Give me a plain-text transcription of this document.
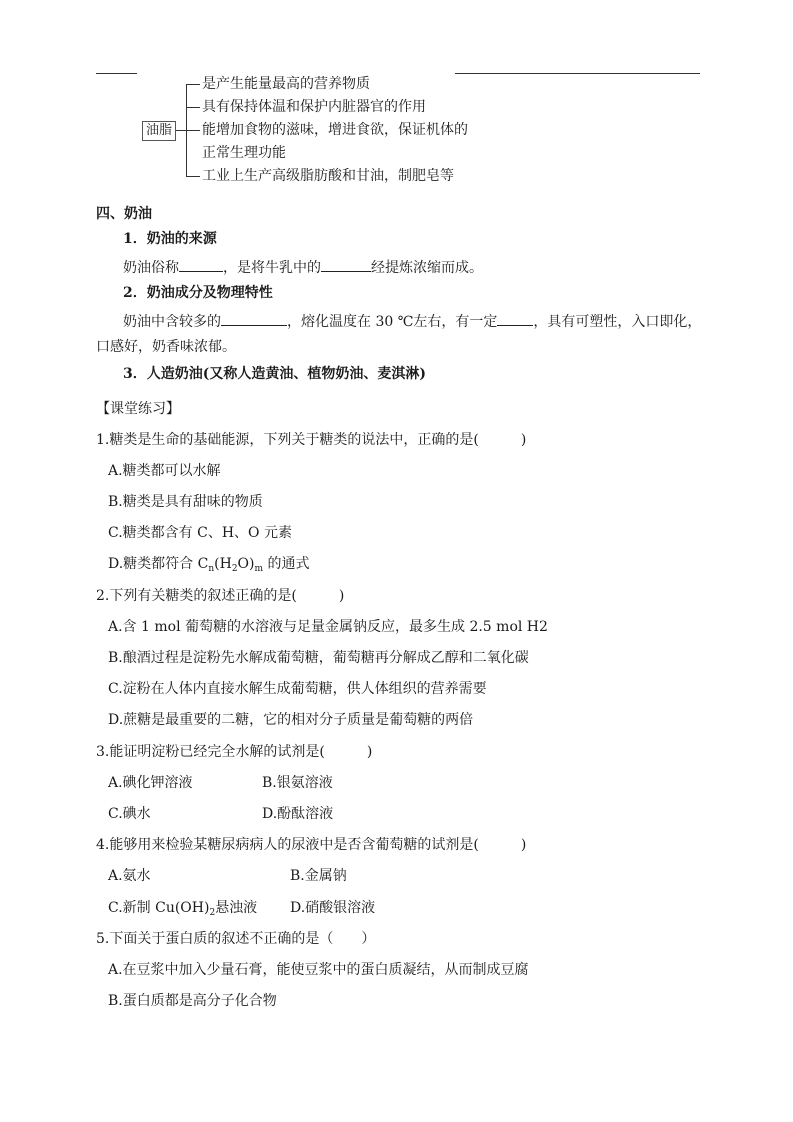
油脂
是产生能量最高的营养物质
具有保持体温和保护内脏器官的作用
能增加食物的滋味，增进食欲，保证机体的
正常生理功能
工业上生产高级脂肪酸和甘油，制肥皂等
四、奶油
1．奶油的来源
奶油俗称	，是将牛乳中的	经提炼浓缩而成。
2．奶油成分及物理特性
奶油中含较多的	，熔化温度在 30 ℃左右，有一定	，具有可塑性，入口即化，
口感好，奶香味浓郁。
3．人造奶油(又称人造黄油、植物奶油、麦淇淋)
【课堂练习】
1.糖类是生命的基础能源，下列关于糖类的说法中，正确的是(　　　)
A.糖类都可以水解
B.糖类是具有甜味的物质
C.糖类都含有 C、H、O 元素
D.糖类都符合 $C_n(H_2O)_m$ 的通式
2.下列有关糖类的叙述正确的是(　　　)
A.含 1 mol 葡萄糖的水溶液与足量金属钠反应，最多生成 2.5 mol H2
B.酿酒过程是淀粉先水解成葡萄糖，葡萄糖再分解成乙醇和二氧化碳
C.淀粉在人体内直接水解生成葡萄糖，供人体组织的营养需要
D.蔗糖是最重要的二糖，它的相对分子质量是葡萄糖的两倍
3.能证明淀粉已经完全水解的试剂是(　　　)
A.碘化钾溶液	B.银氨溶液
C.碘水	D.酚酞溶液
4.能够用来检验某糖尿病病人的尿液中是否含葡萄糖的试剂是(　　　)
A.氨水	B.金属钠
C.新制 $Cu(OH)_2$悬浊液 D.硝酸银溶液
5.下面关于蛋白质的叙述不正确的是（　　）
A.在豆浆中加入少量石膏，能使豆浆中的蛋白质凝结，从而制成豆腐
B.蛋白质都是高分子化合物
